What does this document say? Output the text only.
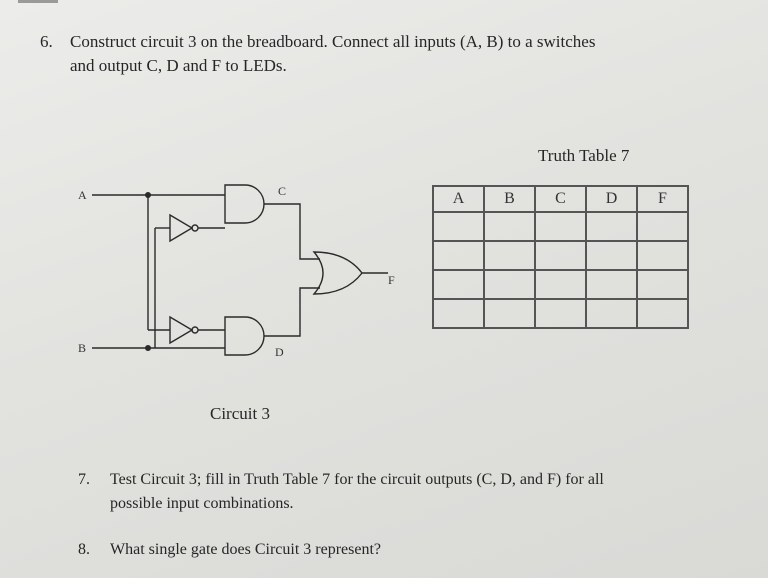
6. Construct circuit 3 on the breadboard. Connect all inputs (A, B) to a switches
and output C, D and F to LEDs.
A
B
C
D
F
Circuit 3
Truth Table 7
A	B	C	D	F

7. Test Circuit 3; fill in Truth Table 7 for the circuit outputs (C, D, and F) for all
possible input combinations.
8. What single gate does Circuit 3 represent?
